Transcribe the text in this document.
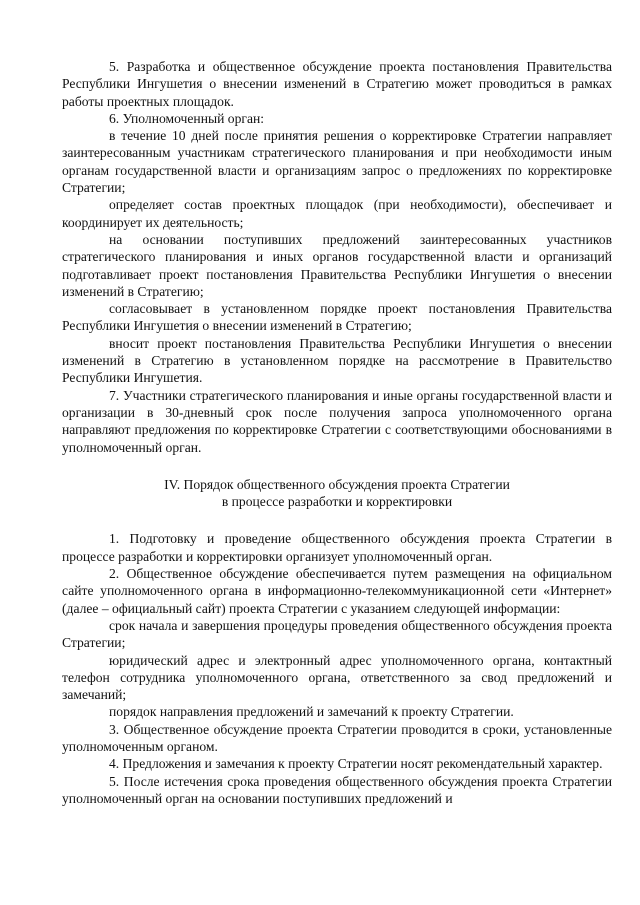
5. Разработка и общественное обсуждение проекта постановления Правительства Республики Ингушетия о внесении изменений в Стратегию может проводиться в рамках работы проектных площадок.

6. Уполномоченный орган:

в течение 10 дней после принятия решения о корректировке Стратегии направляет заинтересованным участникам стратегического планирования и при необходимости иным органам государственной власти и организациям запрос о предложениях по корректировке Стратегии;

определяет состав проектных площадок (при необходимости), обеспечивает и координирует их деятельность;

на основании поступивших предложений заинтересованных участников стратегического планирования и иных органов государственной власти и организаций подготавливает проект постановления Правительства Республики Ингушетия о внесении изменений в Стратегию;

согласовывает в установленном порядке проект постановления Правительства Республики Ингушетия о внесении изменений в Стратегию;

вносит проект постановления Правительства Республики Ингушетия о внесении изменений в Стратегию в установленном порядке на рассмотрение в Правительство Республики Ингушетия.

7. Участники стратегического планирования и иные органы государственной власти и организации в 30-дневный срок после получения запроса уполномоченного органа направляют предложения по корректировке Стратегии с соответствующими обоснованиями в уполномоченный орган.

IV. Порядок общественного обсуждения проекта Стратегии
в процессе разработки и корректировки

1. Подготовку и проведение общественного обсуждения проекта Стратегии в процессе разработки и корректировки организует уполномоченный орган.

2. Общественное обсуждение обеспечивается путем размещения на официальном сайте уполномоченного органа в информационно-телекоммуникационной сети «Интернет» (далее – официальный сайт) проекта Стратегии с указанием следующей информации:

срок начала и завершения процедуры проведения общественного обсуждения проекта Стратегии;

юридический адрес и электронный адрес уполномоченного органа, контактный телефон сотрудника уполномоченного органа, ответственного за свод предложений и замечаний;

порядок направления предложений и замечаний к проекту Стратегии.

3. Общественное обсуждение проекта Стратегии проводится в сроки, установленные уполномоченным органом.

4. Предложения и замечания к проекту Стратегии носят рекомендательный характер.

5. После истечения срока проведения общественного обсуждения проекта Стратегии уполномоченный орган на основании поступивших предложений и
